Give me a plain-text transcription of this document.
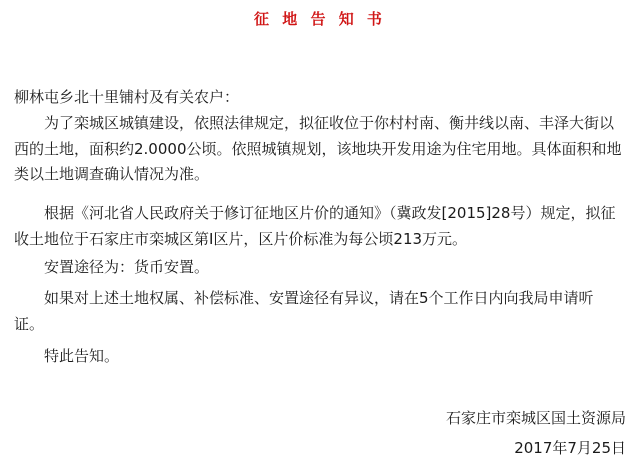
征 地 告 知 书
柳林屯乡北十里铺村及有关农户：
为了栾城区城镇建设，依照法律规定，拟征收位于你村村南、衡井线以南、丰泽大街以西的土地，面积约2.0000公顷。依照城镇规划，该地块开发用途为住宅用地。具体面积和地类以土地调查确认情况为准。
根据《河北省人民政府关于修订征地区片价的通知》（冀政发[2015]28号）规定，拟征收土地位于石家庄市栾城区第Ⅰ区片，区片价标准为每公顷213万元。
安置途径为：货币安置。
如果对上述土地权属、补偿标准、安置途径有异议，请在5个工作日内向我局申请听证。
特此告知。
石家庄市栾城区国土资源局
2017年7月25日
